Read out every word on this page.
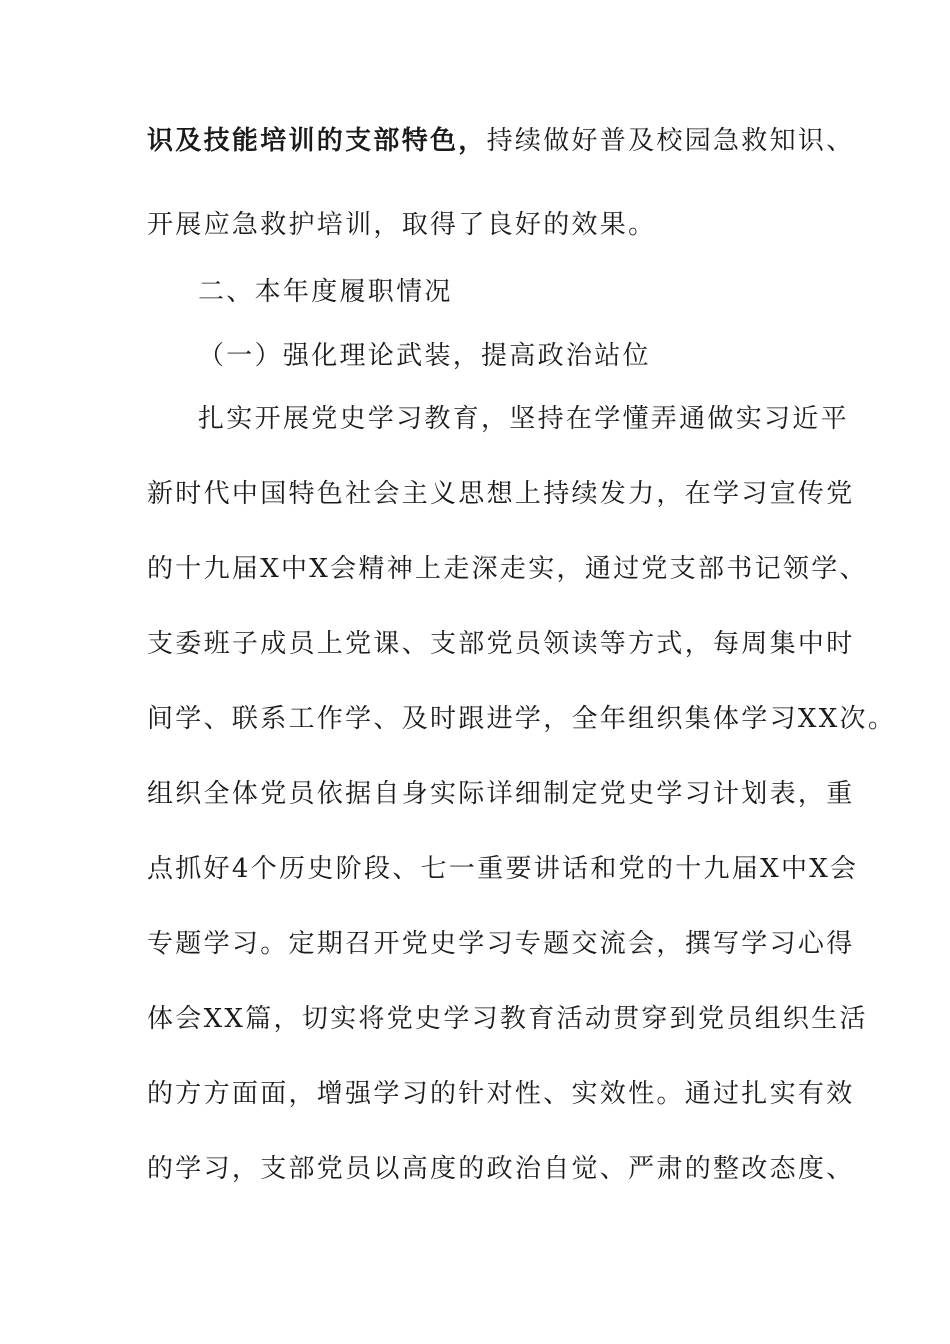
识及技能培训的支部特色，持续做好普及校园急救知识、
开展应急救护培训，取得了良好的效果。
二、本年度履职情况
（一）强化理论武装，提高政治站位
扎实开展党史学习教育，坚持在学懂弄通做实习近平
新时代中国特色社会主义思想上持续发力，在学习宣传党
的十九届X中X会精神上走深走实，通过党支部书记领学、
支委班子成员上党课、支部党员领读等方式，每周集中时
间学、联系工作学、及时跟进学，全年组织集体学习XX次。
组织全体党员依据自身实际详细制定党史学习计划表，重
点抓好4个历史阶段、七一重要讲话和党的十九届X中X会
专题学习。定期召开党史学习专题交流会，撰写学习心得
体会XX篇，切实将党史学习教育活动贯穿到党员组织生活
的方方面面，增强学习的针对性、实效性。通过扎实有效
的学习，支部党员以高度的政治自觉、严肃的整改态度、
